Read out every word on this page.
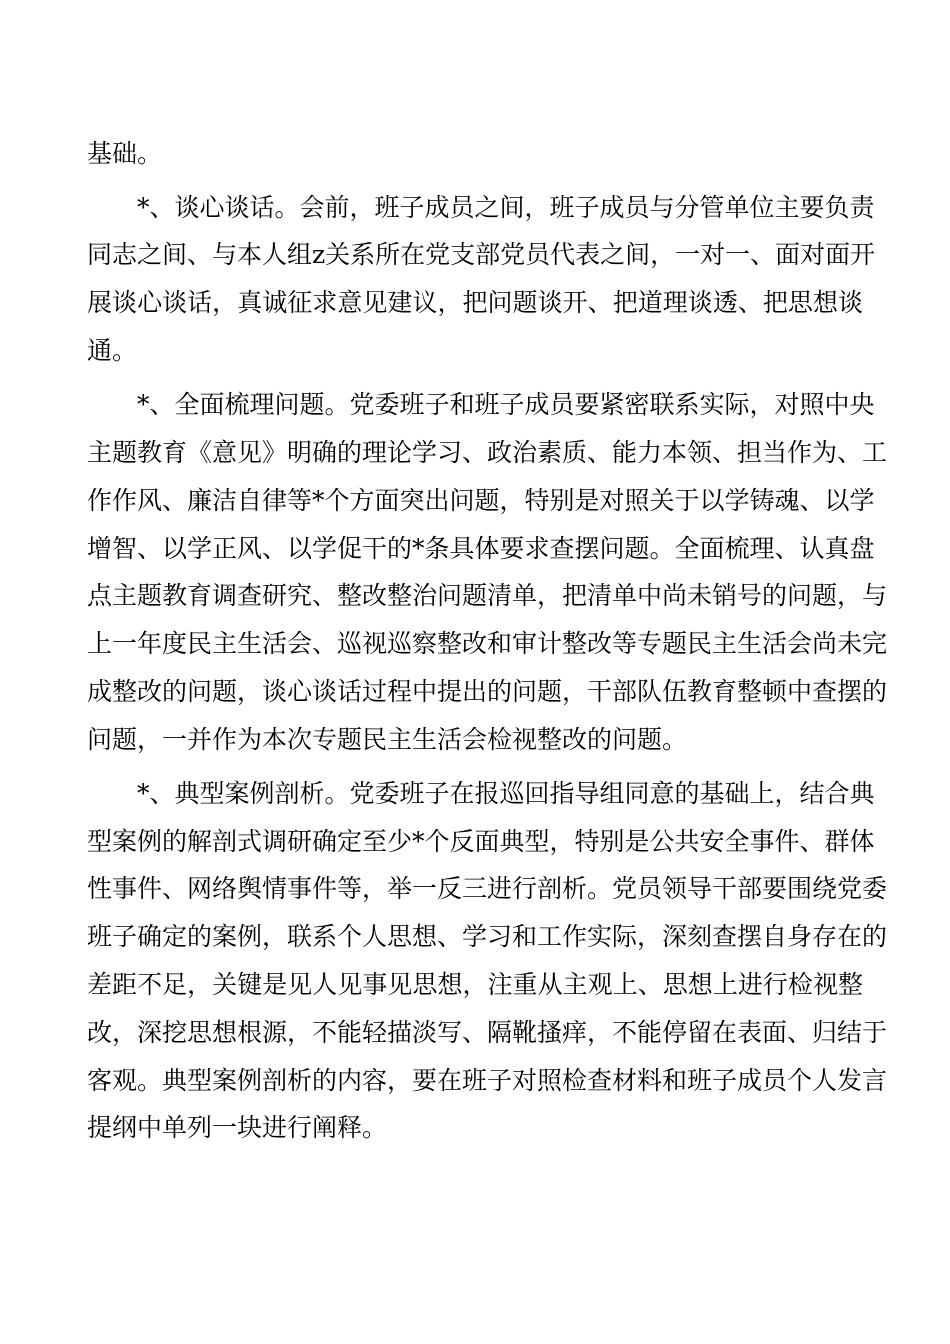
基础。
*、谈心谈话。会前，班子成员之间，班子成员与分管单位主要负责
同志之间、与本人组z关系所在党支部党员代表之间，一对一、面对面开
展谈心谈话，真诚征求意见建议，把问题谈开、把道理谈透、把思想谈
通。
*、全面梳理问题。党委班子和班子成员要紧密联系实际，对照中央
主题教育《意见》明确的理论学习、政治素质、能力本领、担当作为、工
作作风、廉洁自律等*个方面突出问题，特别是对照关于以学铸魂、以学
增智、以学正风、以学促干的*条具体要求查摆问题。全面梳理、认真盘
点主题教育调查研究、整改整治问题清单，把清单中尚未销号的问题，与
上一年度民主生活会、巡视巡察整改和审计整改等专题民主生活会尚未完
成整改的问题，谈心谈话过程中提出的问题，干部队伍教育整顿中查摆的
问题，一并作为本次专题民主生活会检视整改的问题。
*、典型案例剖析。党委班子在报巡回指导组同意的基础上，结合典
型案例的解剖式调研确定至少*个反面典型，特别是公共安全事件、群体
性事件、网络舆情事件等，举一反三进行剖析。党员领导干部要围绕党委
班子确定的案例，联系个人思想、学习和工作实际，深刻查摆自身存在的
差距不足，关键是见人见事见思想，注重从主观上、思想上进行检视整
改，深挖思想根源，不能轻描淡写、隔靴搔痒，不能停留在表面、归结于
客观。典型案例剖析的内容，要在班子对照检查材料和班子成员个人发言
提纲中单列一块进行阐释。
